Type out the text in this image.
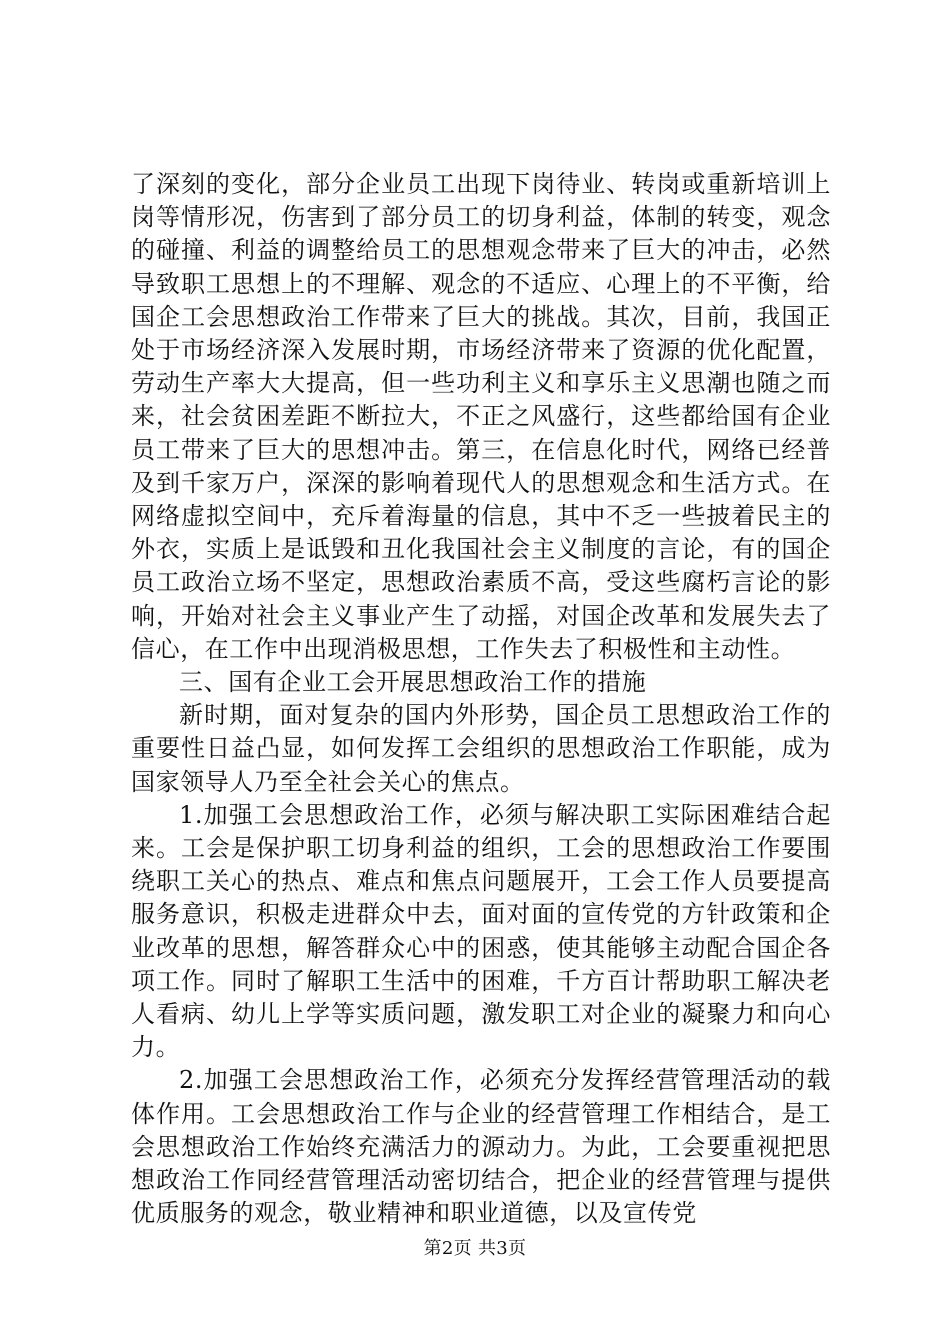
了深刻的变化，部分企业员工出现下岗待业、转岗或重新培训上岗等情形况，伤害到了部分员工的切身利益，体制的转变，观念的碰撞、利益的调整给员工的思想观念带来了巨大的冲击，必然导致职工思想上的不理解、观念的不适应、心理上的不平衡，给国企工会思想政治工作带来了巨大的挑战。其次，目前，我国正处于市场经济深入发展时期，市场经济带来了资源的优化配置，劳动生产率大大提高，但一些功利主义和享乐主义思潮也随之而来，社会贫困差距不断拉大，不正之风盛行，这些都给国有企业员工带来了巨大的思想冲击。第三，在信息化时代，网络已经普及到千家万户，深深的影响着现代人的思想观念和生活方式。在网络虚拟空间中，充斥着海量的信息，其中不乏一些披着民主的外衣，实质上是诋毁和丑化我国社会主义制度的言论，有的国企员工政治立场不坚定，思想政治素质不高，受这些腐朽言论的影响，开始对社会主义事业产生了动摇，对国企改革和发展失去了信心，在工作中出现消极思想，工作失去了积极性和主动性。

三、国有企业工会开展思想政治工作的措施

新时期，面对复杂的国内外形势，国企员工思想政治工作的重要性日益凸显，如何发挥工会组织的思想政治工作职能，成为国家领导人乃至全社会关心的焦点。

1.加强工会思想政治工作，必须与解决职工实际困难结合起来。工会是保护职工切身利益的组织，工会的思想政治工作要围绕职工关心的热点、难点和焦点问题展开，工会工作人员要提高服务意识，积极走进群众中去，面对面的宣传党的方针政策和企业改革的思想，解答群众心中的困惑，使其能够主动配合国企各项工作。同时了解职工生活中的困难，千方百计帮助职工解决老人看病、幼儿上学等实质问题，激发职工对企业的凝聚力和向心力。

2.加强工会思想政治工作，必须充分发挥经营管理活动的载体作用。工会思想政治工作与企业的经营管理工作相结合，是工会思想政治工作始终充满活力的源动力。为此，工会要重视把思想政治工作同经营管理活动密切结合，把企业的经营管理与提供优质服务的观念，敬业精神和职业道德，以及宣传党

第2页 共3页
